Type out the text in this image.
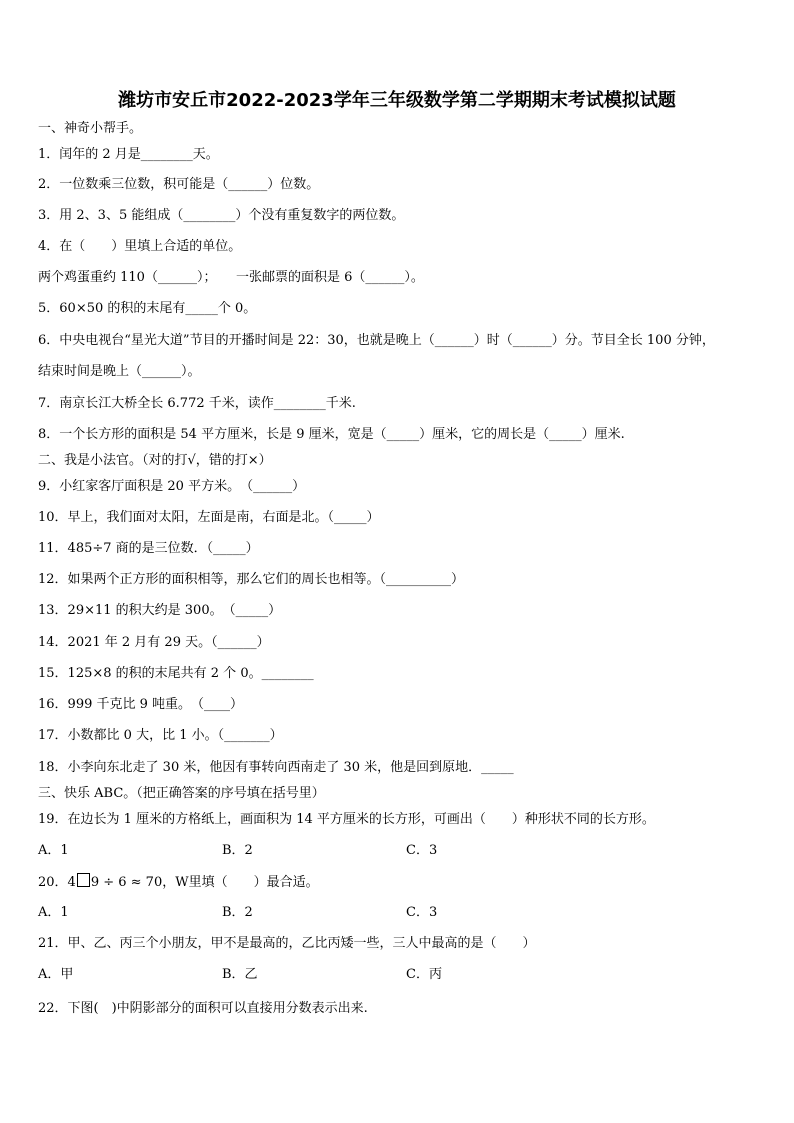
潍坊市安丘市2022-2023学年三年级数学第二学期期末考试模拟试题
一、神奇小帮手。
1．闰年的 2 月是________天。
2．一位数乘三位数，积可能是（______）位数。
3．用 2、3、5 能组成（________）个没有重复数字的两位数。
4．在（　　）里填上合适的单位。
两个鸡蛋重约 110（______）；　　一张邮票的面积是 6（______）。
5．60×50 的积的末尾有_____个 0。
6．中央电视台“星光大道”节目的开播时间是 22：30，也就是晚上（______）时（______）分。节目全长 100 分钟，
结束时间是晚上（______）。
7．南京长江大桥全长 6.772 千米，读作________千米.
8．一个长方形的面积是 54 平方厘米，长是 9 厘米，宽是（_____）厘米，它的周长是（_____）厘米.
二、我是小法官。（对的打√，错的打×）
9．小红家客厅面积是 20 平方米。　（______）
10．早上，我们面对太阳，左面是南，右面是北。（_____）
11．485÷7 商的是三位数．（_____）
12．如果两个正方形的面积相等，那么它们的周长也相等。（__________）
13．29×11 的积大约是 300。　（_____）
14．2021 年 2 月有 29 天。（______）
15．125×8 的积的末尾共有 2 个 0。________
16．999 千克比 9 吨重。　（____）
17．小数都比 0 大，比 1 小。（_______）
18．小李向东北走了 30 米，他因有事转向西南走了 30 米，他是回到原地．_____
三、快乐 ABC。（把正确答案的序号填在括号里）
19．在边长为 1 厘米的方格纸上，画面积为 14 平方厘米的长方形，可画出（　　）种形状不同的长方形。
A．1	B．2	C．3
20．4 9 ÷ 6 ≈ 70，W里填（　　）最合适。
A．1	B．2	C．3
21．甲、乙、丙三个小朋友，甲不是最高的，乙比丙矮一些，三人中最高的是（　　）
A．甲	B．乙	C．丙
22．下图(　)中阴影部分的面积可以直接用分数表示出来.
